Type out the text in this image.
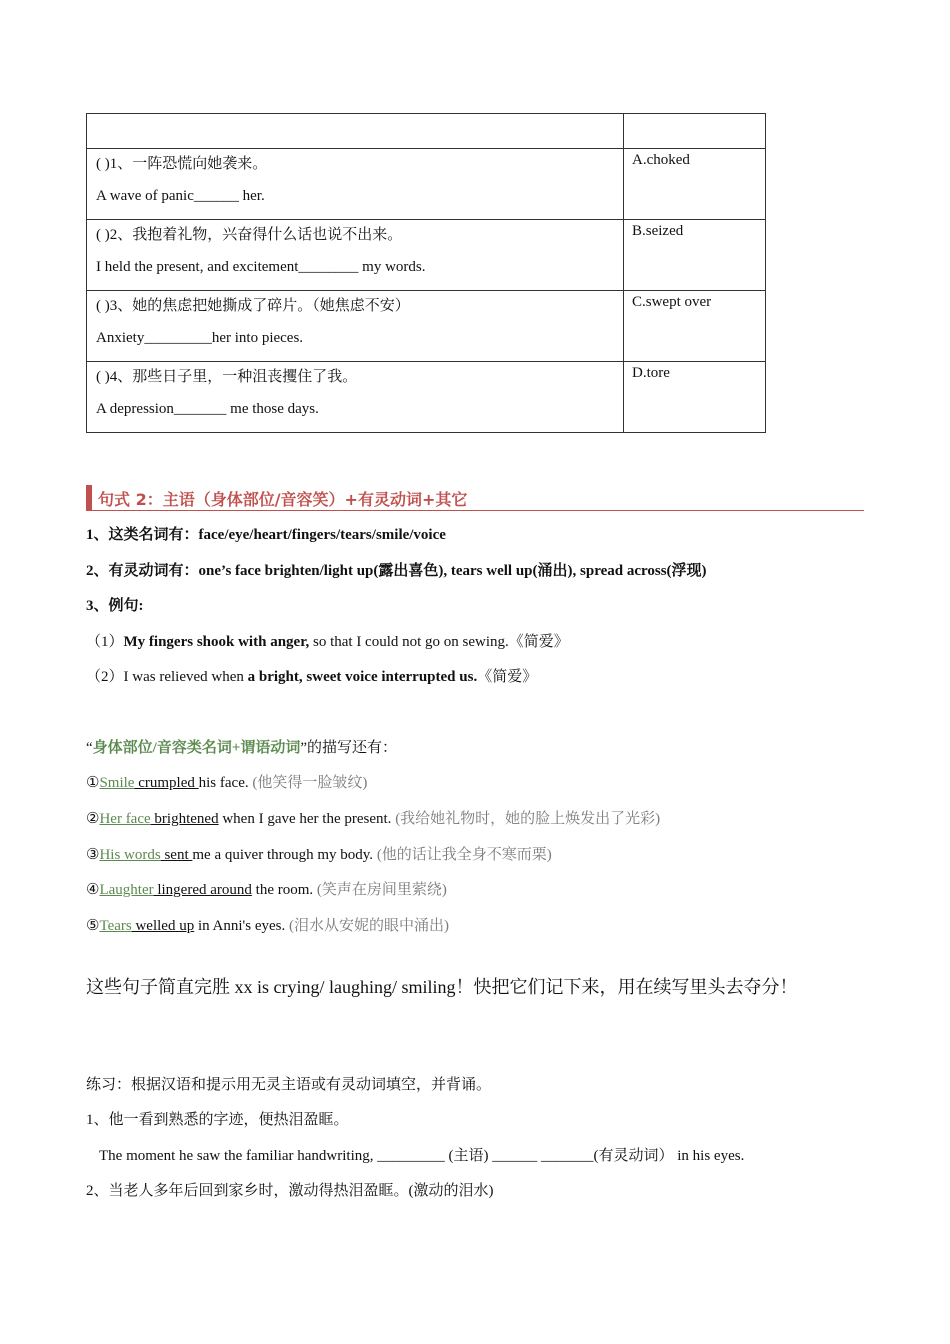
( )1、一阵恐慌向她袭来。
A wave of panic______ her.	A.choked

( )2、我抱着礼物，兴奋得什么话也说不出来。
I held the present, and excitement________ my words.	B.seized

( )3、她的焦虑把她撕成了碎片。（她焦虑不安）
Anxiety_________her into pieces.	C.swept over

( )4、那些日子里，一种沮丧攫住了我。
A depression_______ me those days.	D.tore
句式 2：主语（身体部位/音容笑）+有灵动词+其它
1、这类名词有：face/eye/heart/fingers/tears/smile/voice
2、有灵动词有：one’s face brighten/light up(露出喜色), tears well up(涌出), spread across(浮现)
3、例句:
（1）My fingers shook with anger, so that I could not go on sewing.《简爱》
（2）I was relieved when a bright, sweet voice interrupted us.《简爱》
“身体部位/音容类名词+谓语动词”的描写还有：
①Smile crumpled his face. (他笑得一脸皱纹)
②Her face brightened when I gave her the present. (我给她礼物时，她的脸上焕发出了光彩)
③His words sent me a quiver through my body. (他的话让我全身不寒而栗)
④Laughter lingered around the room. (笑声在房间里萦绕)
⑤Tears welled up in Anni's eyes. (泪水从安妮的眼中涌出)
这些句子简直完胜 xx is crying/ laughing/ smiling！快把它们记下来，用在续写里头去夺分！
练习：根据汉语和提示用无灵主语或有灵动词填空，并背诵。
1、他一看到熟悉的字迹，便热泪盈眶。
The moment he saw the familiar handwriting, _________ (主语) ______ _______(有灵动词） in his eyes.
2、当老人多年后回到家乡时，激动得热泪盈眶。(激动的泪水)
